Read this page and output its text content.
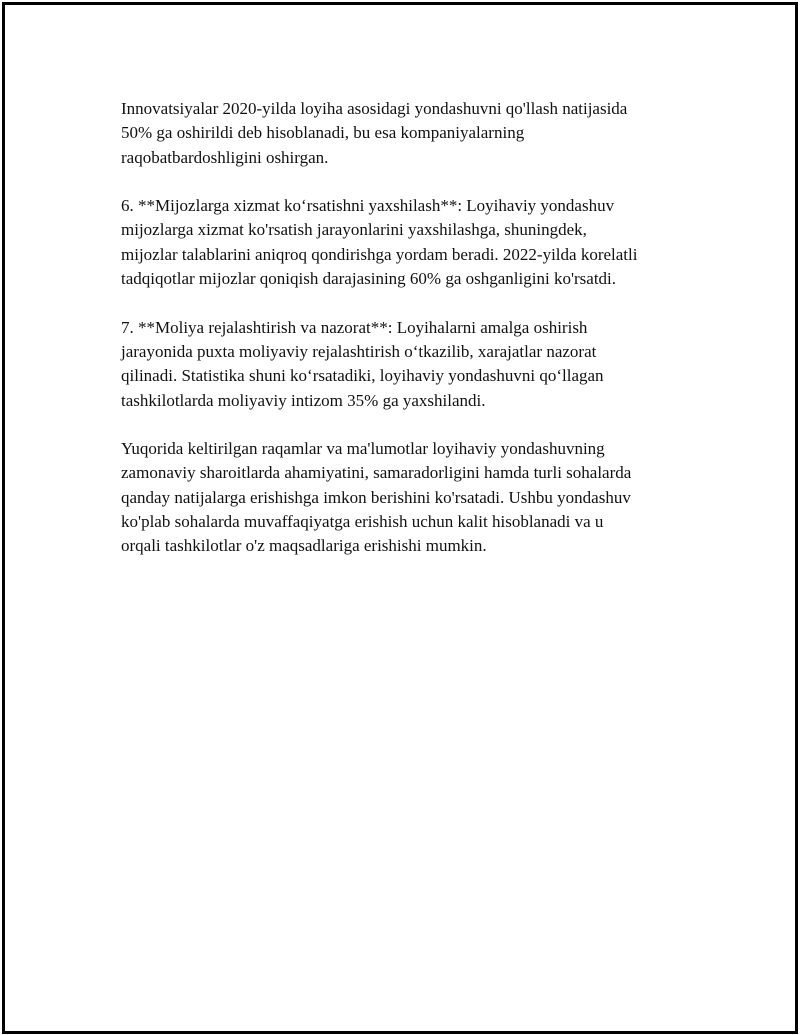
Innovatsiyalar 2020-yilda loyiha asosidagi yondashuvni qo'llash natijasida
50% ga oshirildi deb hisoblanadi, bu esa kompaniyalarning
raqobatbardoshligini oshirgan.

6. **Mijozlarga xizmat ko‘rsatishni yaxshilash**: Loyihaviy yondashuv
mijozlarga xizmat ko'rsatish jarayonlarini yaxshilashga, shuningdek,
mijozlar talablarini aniqroq qondirishga yordam beradi. 2022-yilda korelatli
tadqiqotlar mijozlar qoniqish darajasining 60% ga oshganligini ko'rsatdi.

7. **Moliya rejalashtirish va nazorat**: Loyihalarni amalga oshirish
jarayonida puxta moliyaviy rejalashtirish o‘tkazilib, xarajatlar nazorat
qilinadi. Statistika shuni ko‘rsatadiki, loyihaviy yondashuvni qo‘llagan
tashkilotlarda moliyaviy intizom 35% ga yaxshilandi.

Yuqorida keltirilgan raqamlar va ma'lumotlar loyihaviy yondashuvning
zamonaviy sharoitlarda ahamiyatini, samaradorligini hamda turli sohalarda
qanday natijalarga erishishga imkon berishini ko'rsatadi. Ushbu yondashuv
ko'plab sohalarda muvaffaqiyatga erishish uchun kalit hisoblanadi va u
orqali tashkilotlar o'z maqsadlariga erishishi mumkin.
